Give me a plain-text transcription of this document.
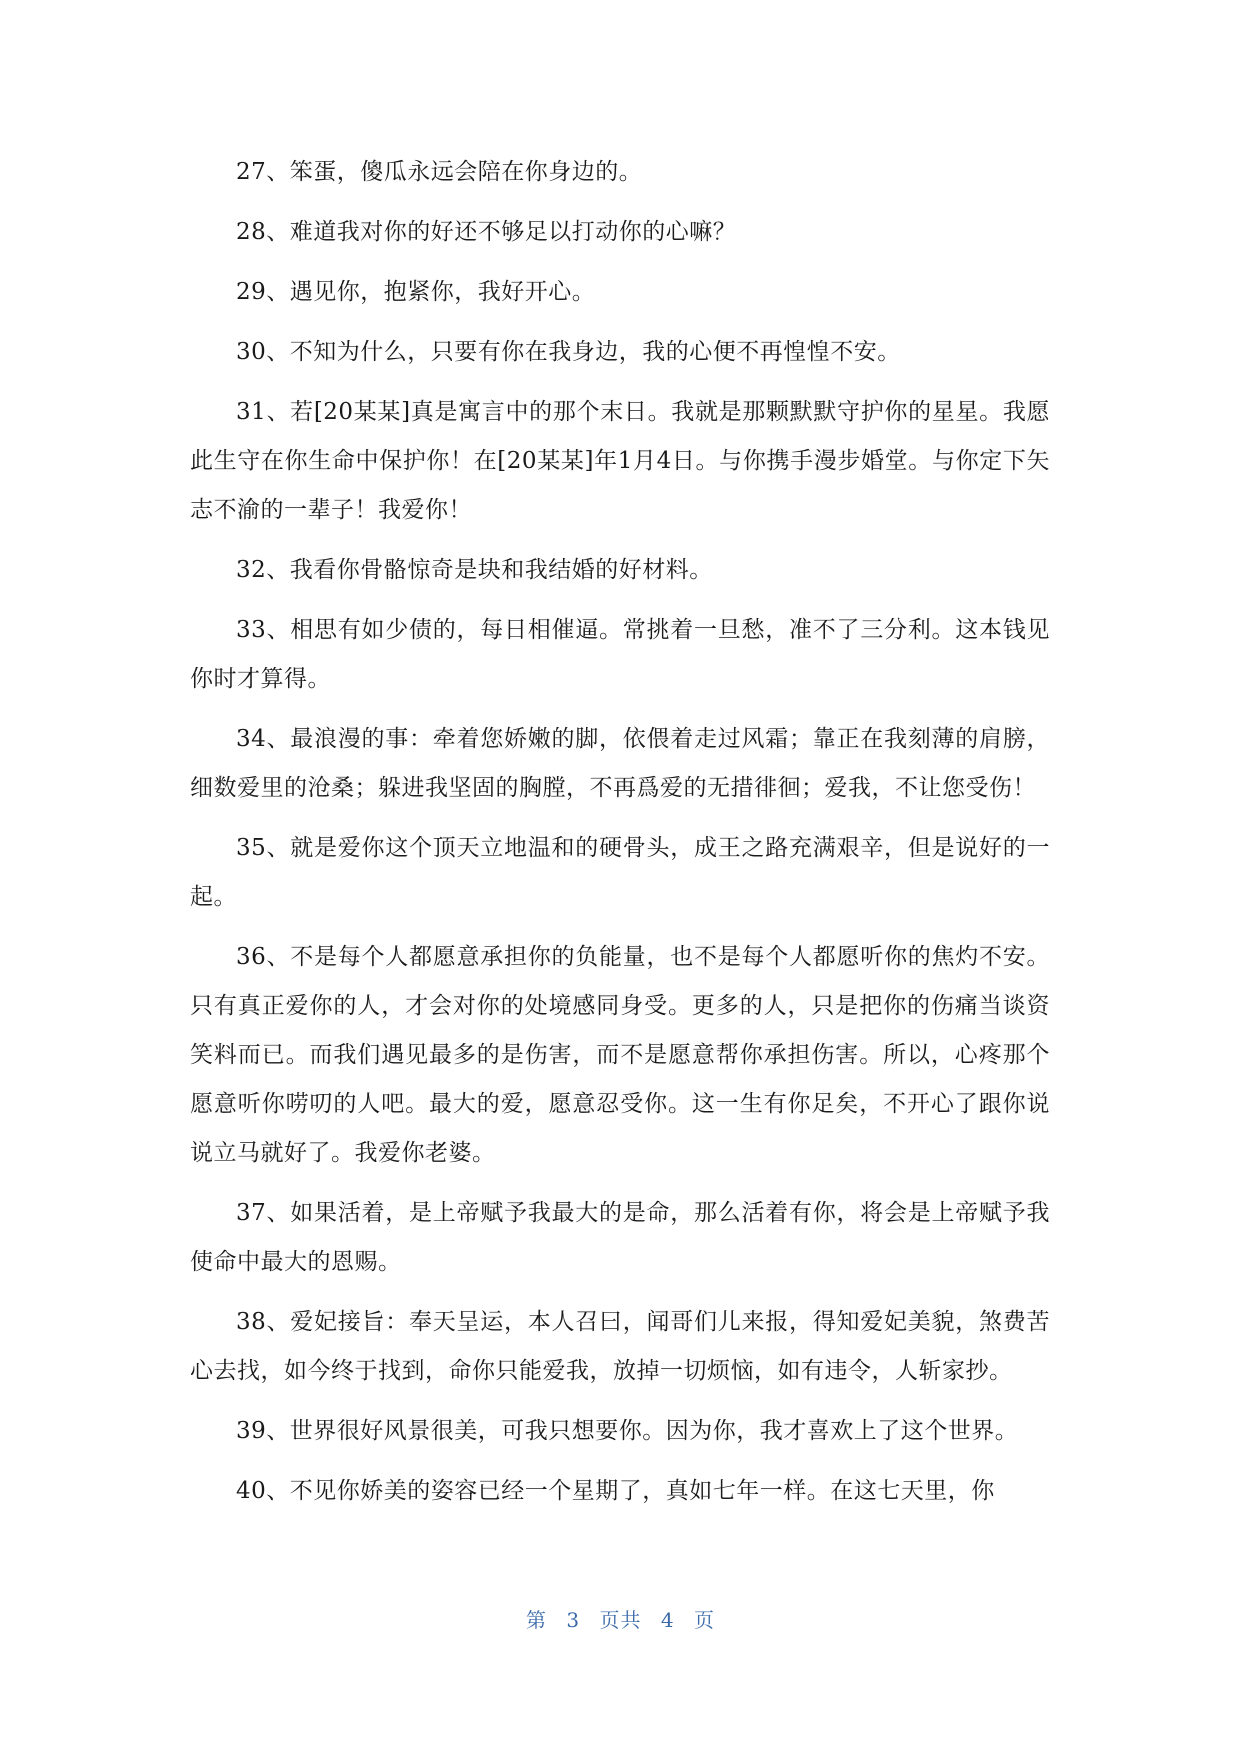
27、笨蛋，傻瓜永远会陪在你身边的。

28、难道我对你的好还不够足以打动你的心嘛？

29、遇见你，抱紧你，我好开心。

30、不知为什么，只要有你在我身边，我的心便不再惶惶不安。

31、若[20某某]真是寓言中的那个末日。我就是那颗默默守护你的星星。我愿此生守在你生命中保护你！在[20某某]年1月4日。与你携手漫步婚堂。与你定下矢志不渝的一辈子！我爱你！

32、我看你骨骼惊奇是块和我结婚的好材料。

33、相思有如少债的，每日相催逼。常挑着一旦愁，准不了三分利。这本钱见你时才算得。

34、最浪漫的事：牵着您娇嫩的脚，依偎着走过风霜；靠正在我刻薄的肩膀，细数爱里的沧桑；躲进我坚固的胸膛，不再爲爱的无措徘徊；爱我，不让您受伤！

35、就是爱你这个顶天立地温和的硬骨头，成王之路充满艰辛，但是说好的一起。

36、不是每个人都愿意承担你的负能量，也不是每个人都愿听你的焦灼不安。只有真正爱你的人，才会对你的处境感同身受。更多的人，只是把你的伤痛当谈资笑料而已。而我们遇见最多的是伤害，而不是愿意帮你承担伤害。所以，心疼那个愿意听你唠叨的人吧。最大的爱，愿意忍受你。这一生有你足矣，不开心了跟你说说立马就好了。我爱你老婆。

37、如果活着，是上帝赋予我最大的是命，那么活着有你，将会是上帝赋予我使命中最大的恩赐。

38、爱妃接旨：奉天呈运，本人召曰，闻哥们儿来报，得知爱妃美貌，煞费苦心去找，如今终于找到，命你只能爱我，放掉一切烦恼，如有违令，人斩家抄。

39、世界很好风景很美，可我只想要你。因为你，我才喜欢上了这个世界。

40、不见你娇美的姿容已经一个星期了，真如七年一样。在这七天里，你

第 3 页共 4 页
